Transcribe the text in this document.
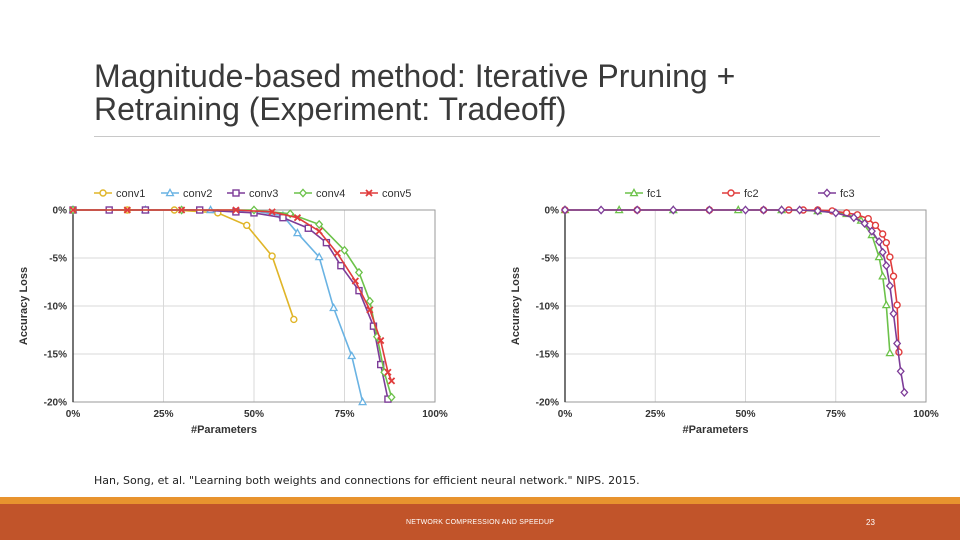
Magnitude-based method: Iterative Pruning + Retraining (Experiment: Tradeoff)
0%	25%	50%	75%	100%
0%
-5%
-10%
-15%
-20%
#Parameters
Accuracy Loss
conv1	conv2	conv3	conv4	conv5
0%	25%	50%	75%	100%
0%
-5%
-10%
-15%
-20%
#Parameters
Accuracy Loss
fc1	fc2	fc3
Han, Song, et al. "Learning both weights and connections for efficient neural network." NIPS. 2015.
NETWORK COMPRESSION AND SPEEDUP	23
